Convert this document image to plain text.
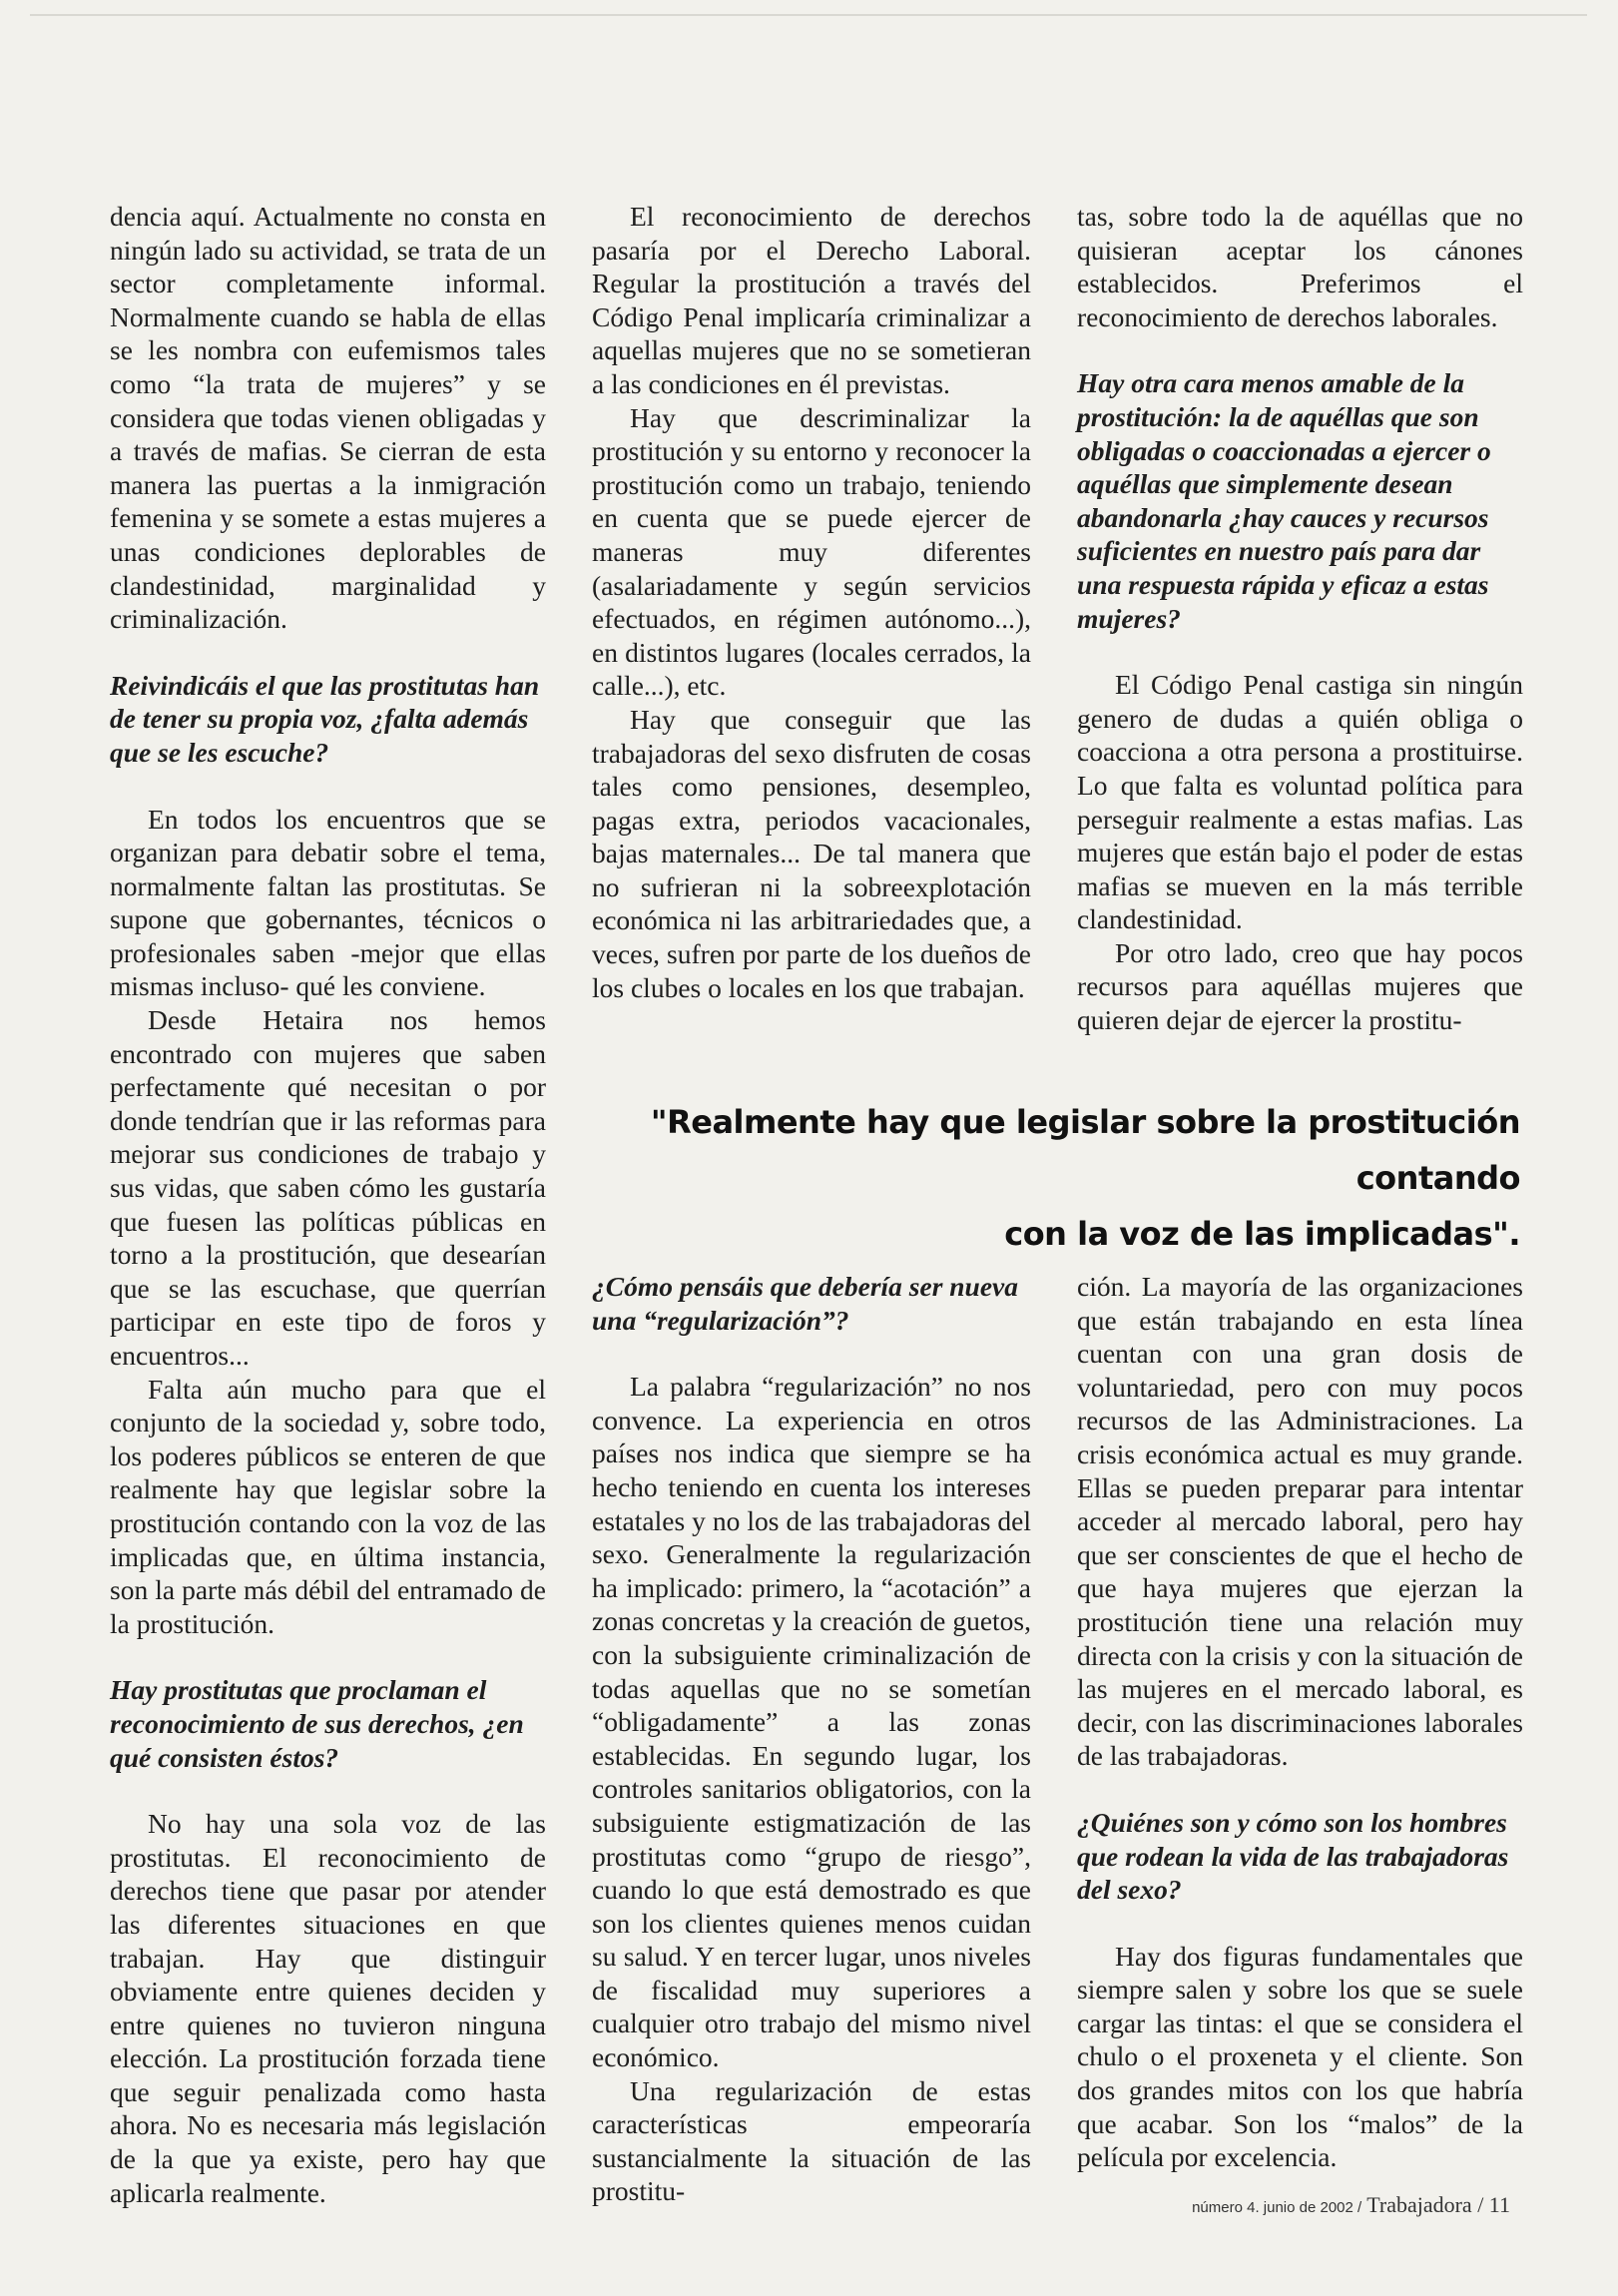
dencia aquí. Actualmente no consta en ningún lado su actividad, se trata de un sector completamente informal. Normalmente cuando se habla de ellas se les nombra con eufemismos tales como “la trata de mujeres” y se considera que todas vienen obligadas y a través de mafias. Se cierran de esta manera las puertas a la inmigración femenina y se somete a estas mujeres a unas condiciones deplorables de clandestinidad, marginalidad y criminalización.

Reivindicáis el que las prostitutas han de tener su propia voz, ¿falta además que se les escuche?

En todos los encuentros que se organizan para debatir sobre el tema, normalmente faltan las prostitutas. Se supone que gobernantes, técnicos o profesionales saben -mejor que ellas mismas incluso- qué les conviene.

Desde Hetaira nos hemos encontrado con mujeres que saben perfectamente qué necesitan o por donde tendrían que ir las reformas para mejorar sus condiciones de trabajo y sus vidas, que saben cómo les gustaría que fuesen las políticas públicas en torno a la prostitución, que desearían que se las escuchase, que querrían participar en este tipo de foros y encuentros...

Falta aún mucho para que el conjunto de la sociedad y, sobre todo, los poderes públicos se enteren de que realmente hay que legislar sobre la prostitución contando con la voz de las implicadas que, en última instancia, son la parte más débil del entramado de la prostitución.

Hay prostitutas que proclaman el reconocimiento de sus derechos, ¿en qué consisten éstos?

No hay una sola voz de las prostitutas. El reconocimiento de derechos tiene que pasar por atender las diferentes situaciones en que trabajan. Hay que distinguir obviamente entre quienes deciden y entre quienes no tuvieron ninguna elección. La prostitución forzada tiene que seguir penalizada como hasta ahora. No es necesaria más legislación de la que ya existe, pero hay que aplicarla realmente.

El reconocimiento de derechos pasaría por el Derecho Laboral. Regular la prostitución a través del Código Penal implicaría criminalizar a aquellas mujeres que no se sometieran a las condiciones en él previstas.

Hay que descriminalizar la prostitución y su entorno y reconocer la prostitución como un trabajo, teniendo en cuenta que se puede ejercer de maneras muy diferentes (asalariadamente y según servicios efectuados, en régimen autónomo...), en distintos lugares (locales cerrados, la calle...), etc.

Hay que conseguir que las trabajadoras del sexo disfruten de cosas tales como pensiones, desempleo, pagas extra, periodos vacacionales, bajas maternales... De tal manera que no sufrieran ni la sobreexplotación económica ni las arbitrariedades que, a veces, sufren por parte de los dueños de los clubes o locales en los que trabajan.

tas, sobre todo la de aquéllas que no quisieran aceptar los cánones establecidos. Preferimos el reconocimiento de derechos laborales.

Hay otra cara menos amable de la prostitución: la de aquéllas que son obligadas o coaccionadas a ejercer o aquéllas que simplemente desean abandonarla ¿hay cauces y recursos suficientes en nuestro país para dar una respuesta rápida y eficaz a estas mujeres?

El Código Penal castiga sin ningún genero de dudas a quién obliga o coacciona a otra persona a prostituirse. Lo que falta es voluntad política para perseguir realmente a estas mafias. Las mujeres que están bajo el poder de estas mafias se mueven en la más terrible clandestinidad.

Por otro lado, creo que hay pocos recursos para aquéllas mujeres que quieren dejar de ejercer la prostitu-

"Realmente hay que legislar sobre la prostitución contando
con la voz de las implicadas".
¿Cómo pensáis que debería ser nueva una “regularización”?

La palabra “regularización” no nos convence. La experiencia en otros países nos indica que siempre se ha hecho teniendo en cuenta los intereses estatales y no los de las trabajadoras del sexo. Generalmente la regularización ha implicado: primero, la “acotación” a zonas concretas y la creación de guetos, con la subsiguiente criminalización de todas aquellas que no se sometían “obligadamente” a las zonas establecidas. En segundo lugar, los controles sanitarios obligatorios, con la subsiguiente estigmatización de las prostitutas como “grupo de riesgo”, cuando lo que está demostrado es que son los clientes quienes menos cuidan su salud. Y en tercer lugar, unos niveles de fiscalidad muy superiores a cualquier otro trabajo del mismo nivel económico.

Una regularización de estas características empeoraría sustancialmente la situación de las prostitu-

ción. La mayoría de las organizaciones que están trabajando en esta línea cuentan con una gran dosis de voluntariedad, pero con muy pocos recursos de las Administraciones. La crisis económica actual es muy grande. Ellas se pueden preparar para intentar acceder al mercado laboral, pero hay que ser conscientes de que el hecho de que haya mujeres que ejerzan la prostitución tiene una relación muy directa con la crisis y con la situación de las mujeres en el mercado laboral, es decir, con las discriminaciones laborales de las trabajadoras.

¿Quiénes son y cómo son los hombres que rodean la vida de las trabajadoras del sexo?

Hay dos figuras fundamentales que siempre salen y sobre los que se suele cargar las tintas: el que se considera el chulo o el proxeneta y el cliente. Son dos grandes mitos con los que habría que acabar. Son los “malos” de la película por excelencia.

número 4. junio de 2002 / Trabajadora / 11
